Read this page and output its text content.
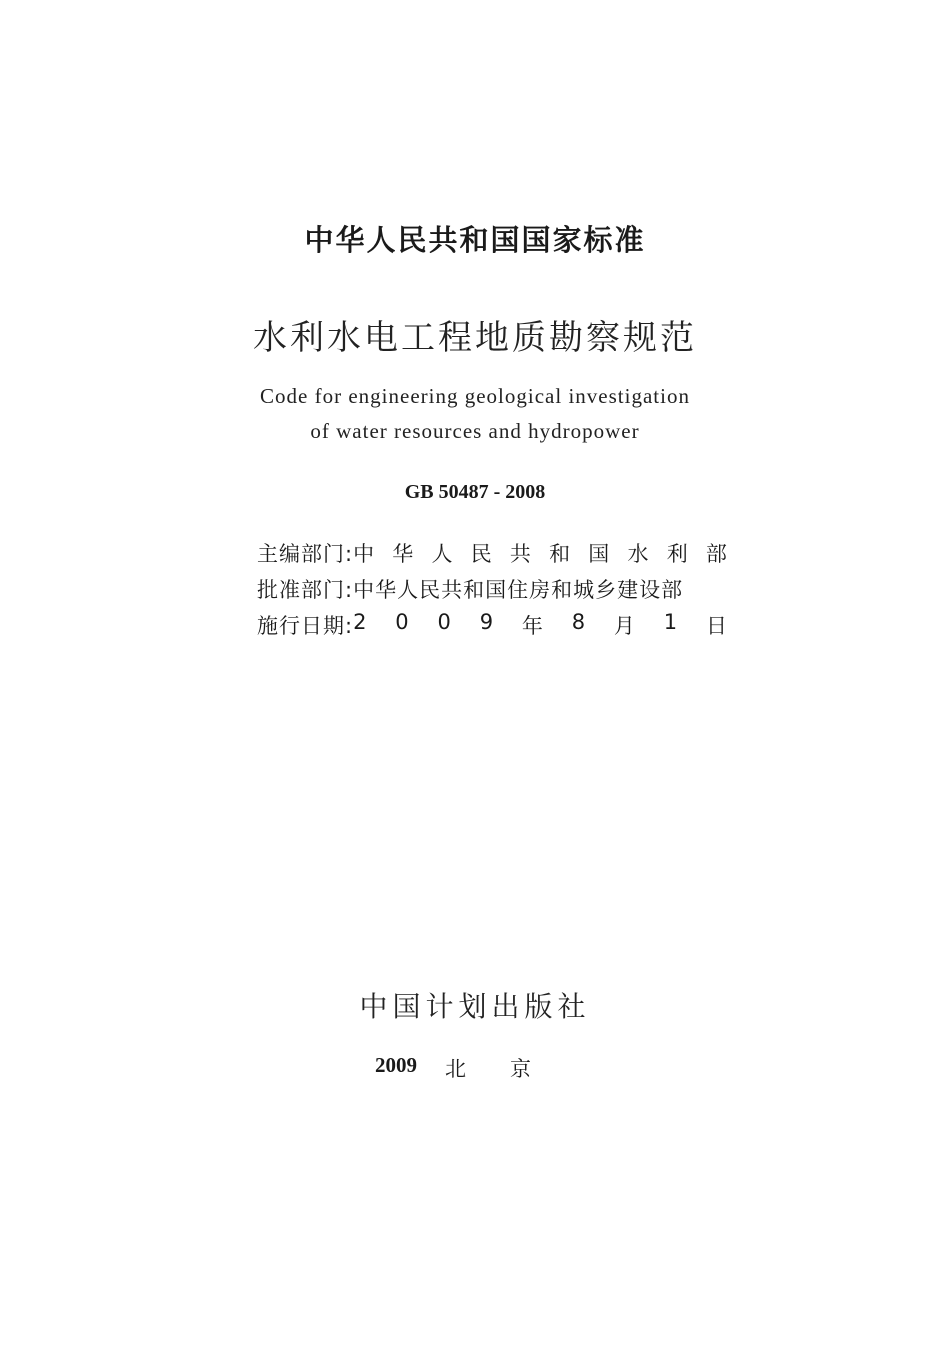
中华人民共和国国家标准
水利水电工程地质勘察规范
Code for engineering geological investigation
of water resources and hydropower
GB 50487 - 2008
主编部门: 中 华 人 民 共 和 国 水 利 部
批准部门: 中华人民共和国住房和城乡建设部
施行日期: 2 0 0 9 年 8 月 1 日
中国计划出版社
2009 北京
